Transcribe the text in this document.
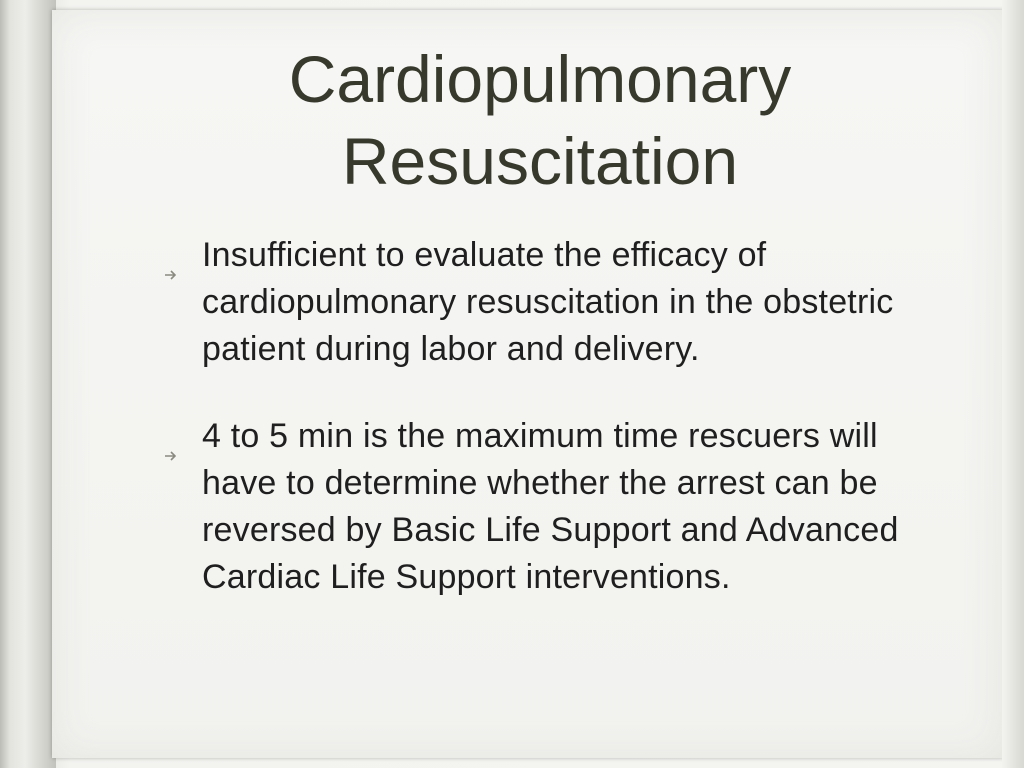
Cardiopulmonary
Resuscitation
Insufficient to evaluate the efficacy of cardiopulmonary resuscitation in the obstetric patient during labor and delivery.
4 to 5 min is the maximum time rescuers will have to determine whether the arrest can be reversed by Basic Life Support and Advanced Cardiac Life Support interventions.
